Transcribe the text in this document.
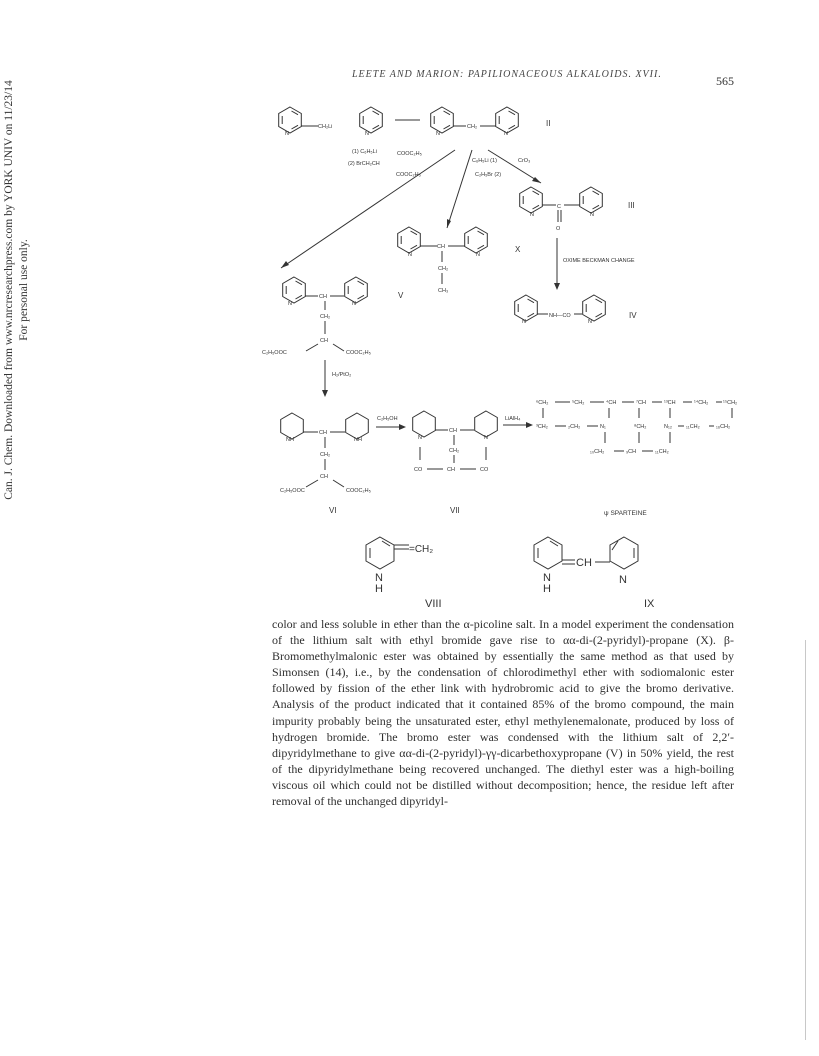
Can. J. Chem. Downloaded from www.nrcresearchpress.com by YORK UNIV on 11/23/14 For personal use only.
LEETE AND MARION: PAPILIONACEOUS ALKALOIDS. XVII.	565
N
CH₂Li
N	N
CH₂
N
II
(1) C₆H₅Li
(2) BrCH₂CH
COOC₂H₅
COOC₂H₅
C₆H₅Li (1)
C₂H₅Br (2)
CrO₃
N
C
O
N
III
N
CH
N
CH₂
CH₃
X
OXIME BECKMAN CHANGE
N
NH—CO
N
IV
N
CH
N
CH₂
CH
C₂H₅OOC	COOC₂H₅
V
H₂/PtO₂
NH
CH
NH
CH₂
CH
C₂H₅OOC	COOC₂H₅
VI
C₂H₅OH
N
CH
N
CH₂
CO	CH	CO
VII
LiAlH₄
⁶CH₂	⁵CH₂	⁴CH	⁷CH	¹³CH	¹⁴CH₂	¹⁵CH₂
³CH₂	₂CH₂	N₁	⁸CH₂	N₁₂	₁₁CH₂	₁₆CH₂
₁₀CH₂	₉CH	₁₁CH₂
ψ SPARTEINE
=CH₂
N
H
VIII
CH
N
H
N
IX

color and less soluble in ether than the α-picoline salt. In a model experiment the condensation of the lithium salt with ethyl bromide gave rise to αα-di-(2-pyridyl)-propane (X). β-Bromomethylmalonic ester was obtained by essentially the same method as that used by Simonsen (14), i.e., by the condensation of chlorodimethyl ether with sodiomalonic ester followed by fission of the ether link with hydrobromic acid to give the bromo derivative. Analysis of the product indicated that it contained 85% of the bromo compound, the main impurity probably being the unsaturated ester, ethyl methylenemalonate, produced by loss of hydrogen bromide. The bromo ester was condensed with the lithium salt of 2,2′-dipyridylmethane to give αα-di-(2-pyridyl)-γγ-dicarbethoxypropane (V) in 50% yield, the rest of the dipyridylmethane being recovered unchanged. The diethyl ester was a high-boiling viscous oil which could not be distilled without decomposition; hence, the residue left after removal of the unchanged dipyridyl-
